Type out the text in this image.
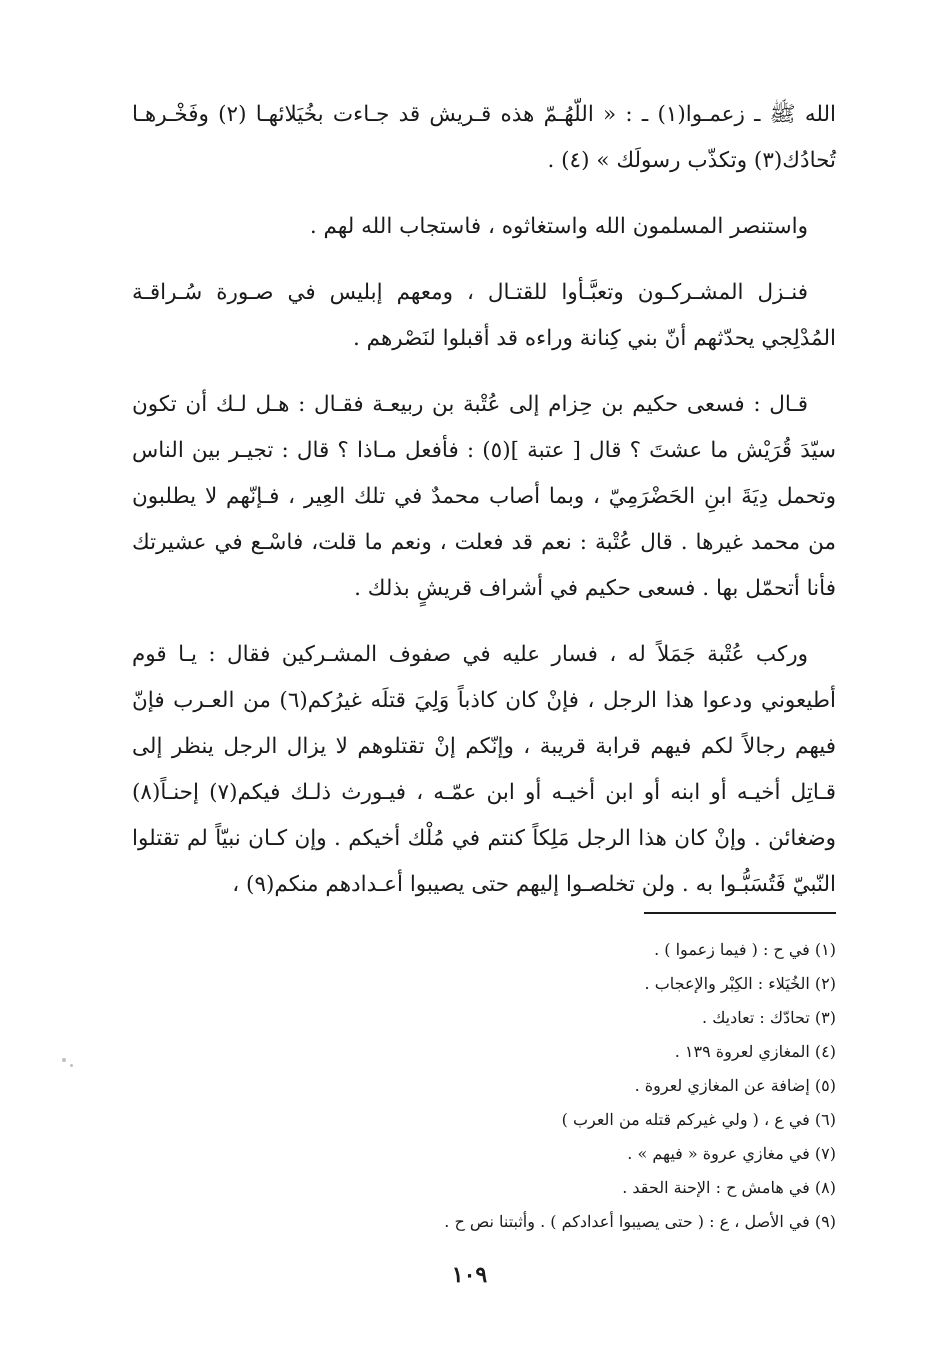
الله ﷺ ـ زعمـوا(١) ـ : « اللّهُـمّ هذه قـريش قد جـاءت بخُيَلائهـا (٢) وفَخْـرهـا تُحادُك(٣) وتكذّب رسولَك » (٤) .

واستنصر المسلمون الله واستغاثوه ، فاستجاب الله لهم .

فنـزل المشـركـون وتعبَّـأوا للقتـال ، ومعهم إبليس في صـورة سُـراقـة المُدْلِجي يحدّثهم أنّ بني كِنانة وراءه قد أقبلوا لنَصْرهم .

قـال : فسعى حكيم بن حِزام إلى عُتْبة بن ربيعـة فقـال : هـل لـك أن تكون سيّدَ قُرَيْش ما عشتَ ؟ قال [ عتبة ](٥) : فأفعل مـاذا ؟ قال : تجيـر بين الناس وتحمل دِيَةَ ابنِ الحَضْرَمِيّ ، وبما أصاب محمدٌ في تلك العِير ، فـإنّهم لا يطلبون من محمد غيرها . قال عُتْبة : نعم قد فعلت ، ونعم ما قلت، فاسْـع في عشيرتك فأنا أتحمّل بها . فسعى حكيم في أشراف قريشٍ بذلك .

وركب عُتْبة جَمَلاً له ، فسار عليه في صفوف المشـركين فقال : يـا قوم أطيعوني ودعوا هذا الرجل ، فإنْ كان كاذباً وَلِيَ قتلَه غيرُكم(٦) من العـرب فإنّ فيهم رجالاً لكم فيهم قرابة قريبة ، وإنّكم إنْ تقتلوهم لا يزال الرجل ينظر إلى قـاتِل أخيـه أو ابنه أو ابن أخيـه أو ابن عمّـه ، فيـورث ذلـك فيكم(٧) إحنـاً(٨) وضغائن . وإنْ كان هذا الرجل مَلِكاً كنتم في مُلْك أخيكم . وإن كـان نبيّاً لم تقتلوا النّبيّ فَتُسَبُّـوا به . ولن تخلصـوا إليهم حتى يصيبوا أعـدادهم منكم(٩) ،

(١) في ح : ( فيما زعموا ) .
(٢) الخُيَلاء : الكِبْر والإعجاب .
(٣) تحادّك : تعاديك .
(٤) المغازي لعروة ١٣٩ .
(٥) إضافة عن المغازي لعروة .
(٦) في ع ، ( ولي غيركم قتله من العرب )
(٧) في مغازي عروة « فيهم » .
(٨) في هامش ح : الإحنة الحقد .
(٩) في الأصل ، ع : ( حتى يصيبوا أعدادكم ) . وأثبتنا نص ح .
١٠٩
